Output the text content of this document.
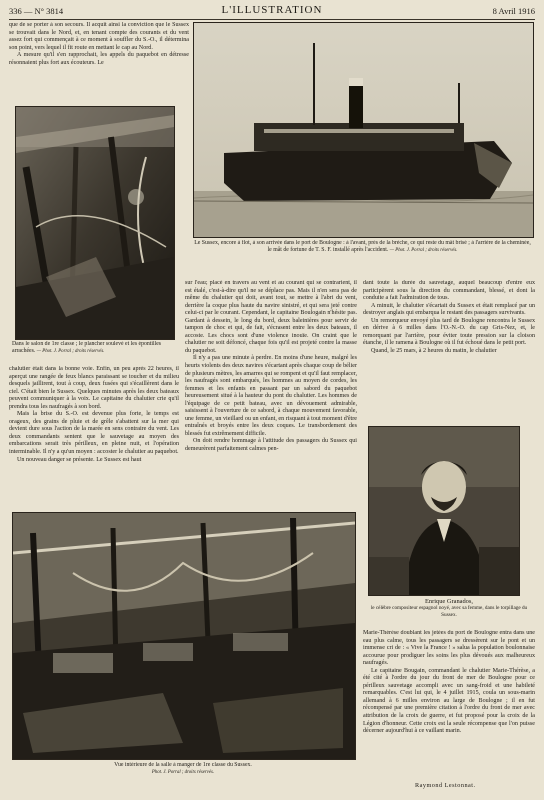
336 — N° 3814	L'ILLUSTRATION	8 Avril 1916

que de se porter à son secours. Il acquit ainsi la conviction que le Sussex se trouvait dans le Nord, et, en tenant compte des courants et du vent assez fort qui commençait à ce moment à souffler du S.-O., il détermina son point, vers lequel il fit route en mettant le cap au Nord.

A mesure qu'il s'en rapprochait, les appels du paquebot en détresse résonnaient plus fort aux écouteurs. Le

Dans le salon de 1re classe ; le plancher soulevé et les épontilles arrachées. — Phot. J. Porral ; droits réservés.
Le Sussex, encore à flot, à son arrivée dans le port de Boulogne : à l'avant, près de la brèche, ce qui reste du mât brisé ; à l'arrière de la cheminée, le mât de fortune de T. S. F. installé après l'accident. — Phot. J. Porral ; droits réservés.

chalutier était dans la bonne voie. Enfin, un peu après 22 heures, il aperçut une rangée de feux blancs paraissant se toucher et du milieu desquels jaillirent, tout à coup, deux fusées qui s'écaillèrent dans le ciel. C'était bien le Sussex. Quelques minutes après les deux bateaux peuvent communiquer à la voix. Le capitaine du chalutier crie qu'il prendra tous les naufragés à son bord.

Mais la brise du S.-O. est devenue plus forte, le temps est orageux, des grains de pluie et de grêle s'abattent sur la mer qui devient dure sous l'action de la marée en sens contraire du vent. Les deux commandants sentent que le sauvetage au moyen des embarcations serait très périlleux, en pleine nuit, et l'opération interminable. Il n'y a qu'un moyen : accoster le chalutier au paquebot.

Un nouveau danger se présente. Le Sussex est haut

sur l'eau; placé en travers au vent et au courant qui se contrarient, il est étalé, c'est-à-dire qu'il ne se déplace pas. Mais il n'en sera pas de même du chalutier qui doit, avant tout, se mettre à l'abri du vent, derrière la coque plus haute du navire sinistré, et qui sera jeté contre celui-ci par le courant. Cependant, le capitaine Boulogain n'hésite pas. Gardant à dessein, le long du bord, deux baleinières pour servir de tampon de choc et qui, de fait, s'écrasent entre les deux bateaux, il accoste. Les chocs sont d'une violence inouïe. On craint que le chalutier ne soit défoncé, chaque fois qu'il est projeté contre la masse du paquebot.

Il n'y a pas une minute à perdre. En moins d'une heure, malgré les heurts violents des deux navires s'écartant après chaque coup de bélier de plusieurs mètres, les amarres qui se rompent et qu'il faut remplacer, les naufragés sont embarqués, les hommes au moyen de cordes, les femmes et les enfants en passant par un sabord du paquebot heureusement situé à la hauteur du pont du chalutier. Les hommes de l'équipage de ce petit bateau, avec un dévouement admirable, saisissent à l'ouverture de ce sabord, à chaque mouvement favorable, une femme, un vieillard ou un enfant, en risquant à tout moment d'être entraînés et broyés entre les deux coques. Le transbordement des blessés fut extrêmement difficile.

On doit rendre hommage à l'attitude des passagers du Sussex qui demeurèrent parfaitement calmes pen-

dant toute la durée du sauvetage, auquel beaucoup d'entre eux participèrent sous la direction du commandant, blessé, et dont la conduite a fait l'admiration de tous.

A minuit, le chalutier s'écartait du Sussex et était remplacé par un destroyer anglais qui embarqua le restant des passagers survivants.

Un remorqueur envoyé plus tard de Boulogne rencontra le Sussex en dérive à 6 milles dans l'O.-N.-O. du cap Gris-Nez, et, le remorquant par l'arrière, pour éviter toute pression sur la cloison étanche, il le ramena à Boulogne où il fut échoué dans le petit port.

Quand, le 25 mars, à 2 heures du matin, le chalutier

Enrique Granados,
le célèbre compositeur espagnol noyé, avec sa femme, dans le torpillage du Sussex.
Vue intérieure de la salle à manger de 1re classe du Sussex.
Phot. J. Porral ; droits réservés.

Marie-Thérèse doublant les jetées du port de Boulogne entra dans une eau plus calme, tous les passagers se dressèrent sur le pont et un immense cri de : « Vive la France ! » salua la population boulonnaise accourue pour prodiguer les soins les plus dévoués aux malheureux naufragés.

Le capitaine Bougain, commandant le chalutier Marie-Thérèse, a été cité à l'ordre du jour du front de mer de Boulogne pour ce périlleux sauvetage accompli avec un sang-froid et une habileté remarquables. C'est lui qui, le 4 juillet 1915, coula un sous-marin allemand à 6 milles environ au large de Boulogne ; il en fut récompensé par une première citation à l'ordre du front de mer avec attribution de la croix de guerre, et fut proposé pour la croix de la Légion d'honneur. Cette croix est la seule récompense que l'on puisse décerner aujourd'hui à ce vaillant marin.

Raymond Lestonnat.
